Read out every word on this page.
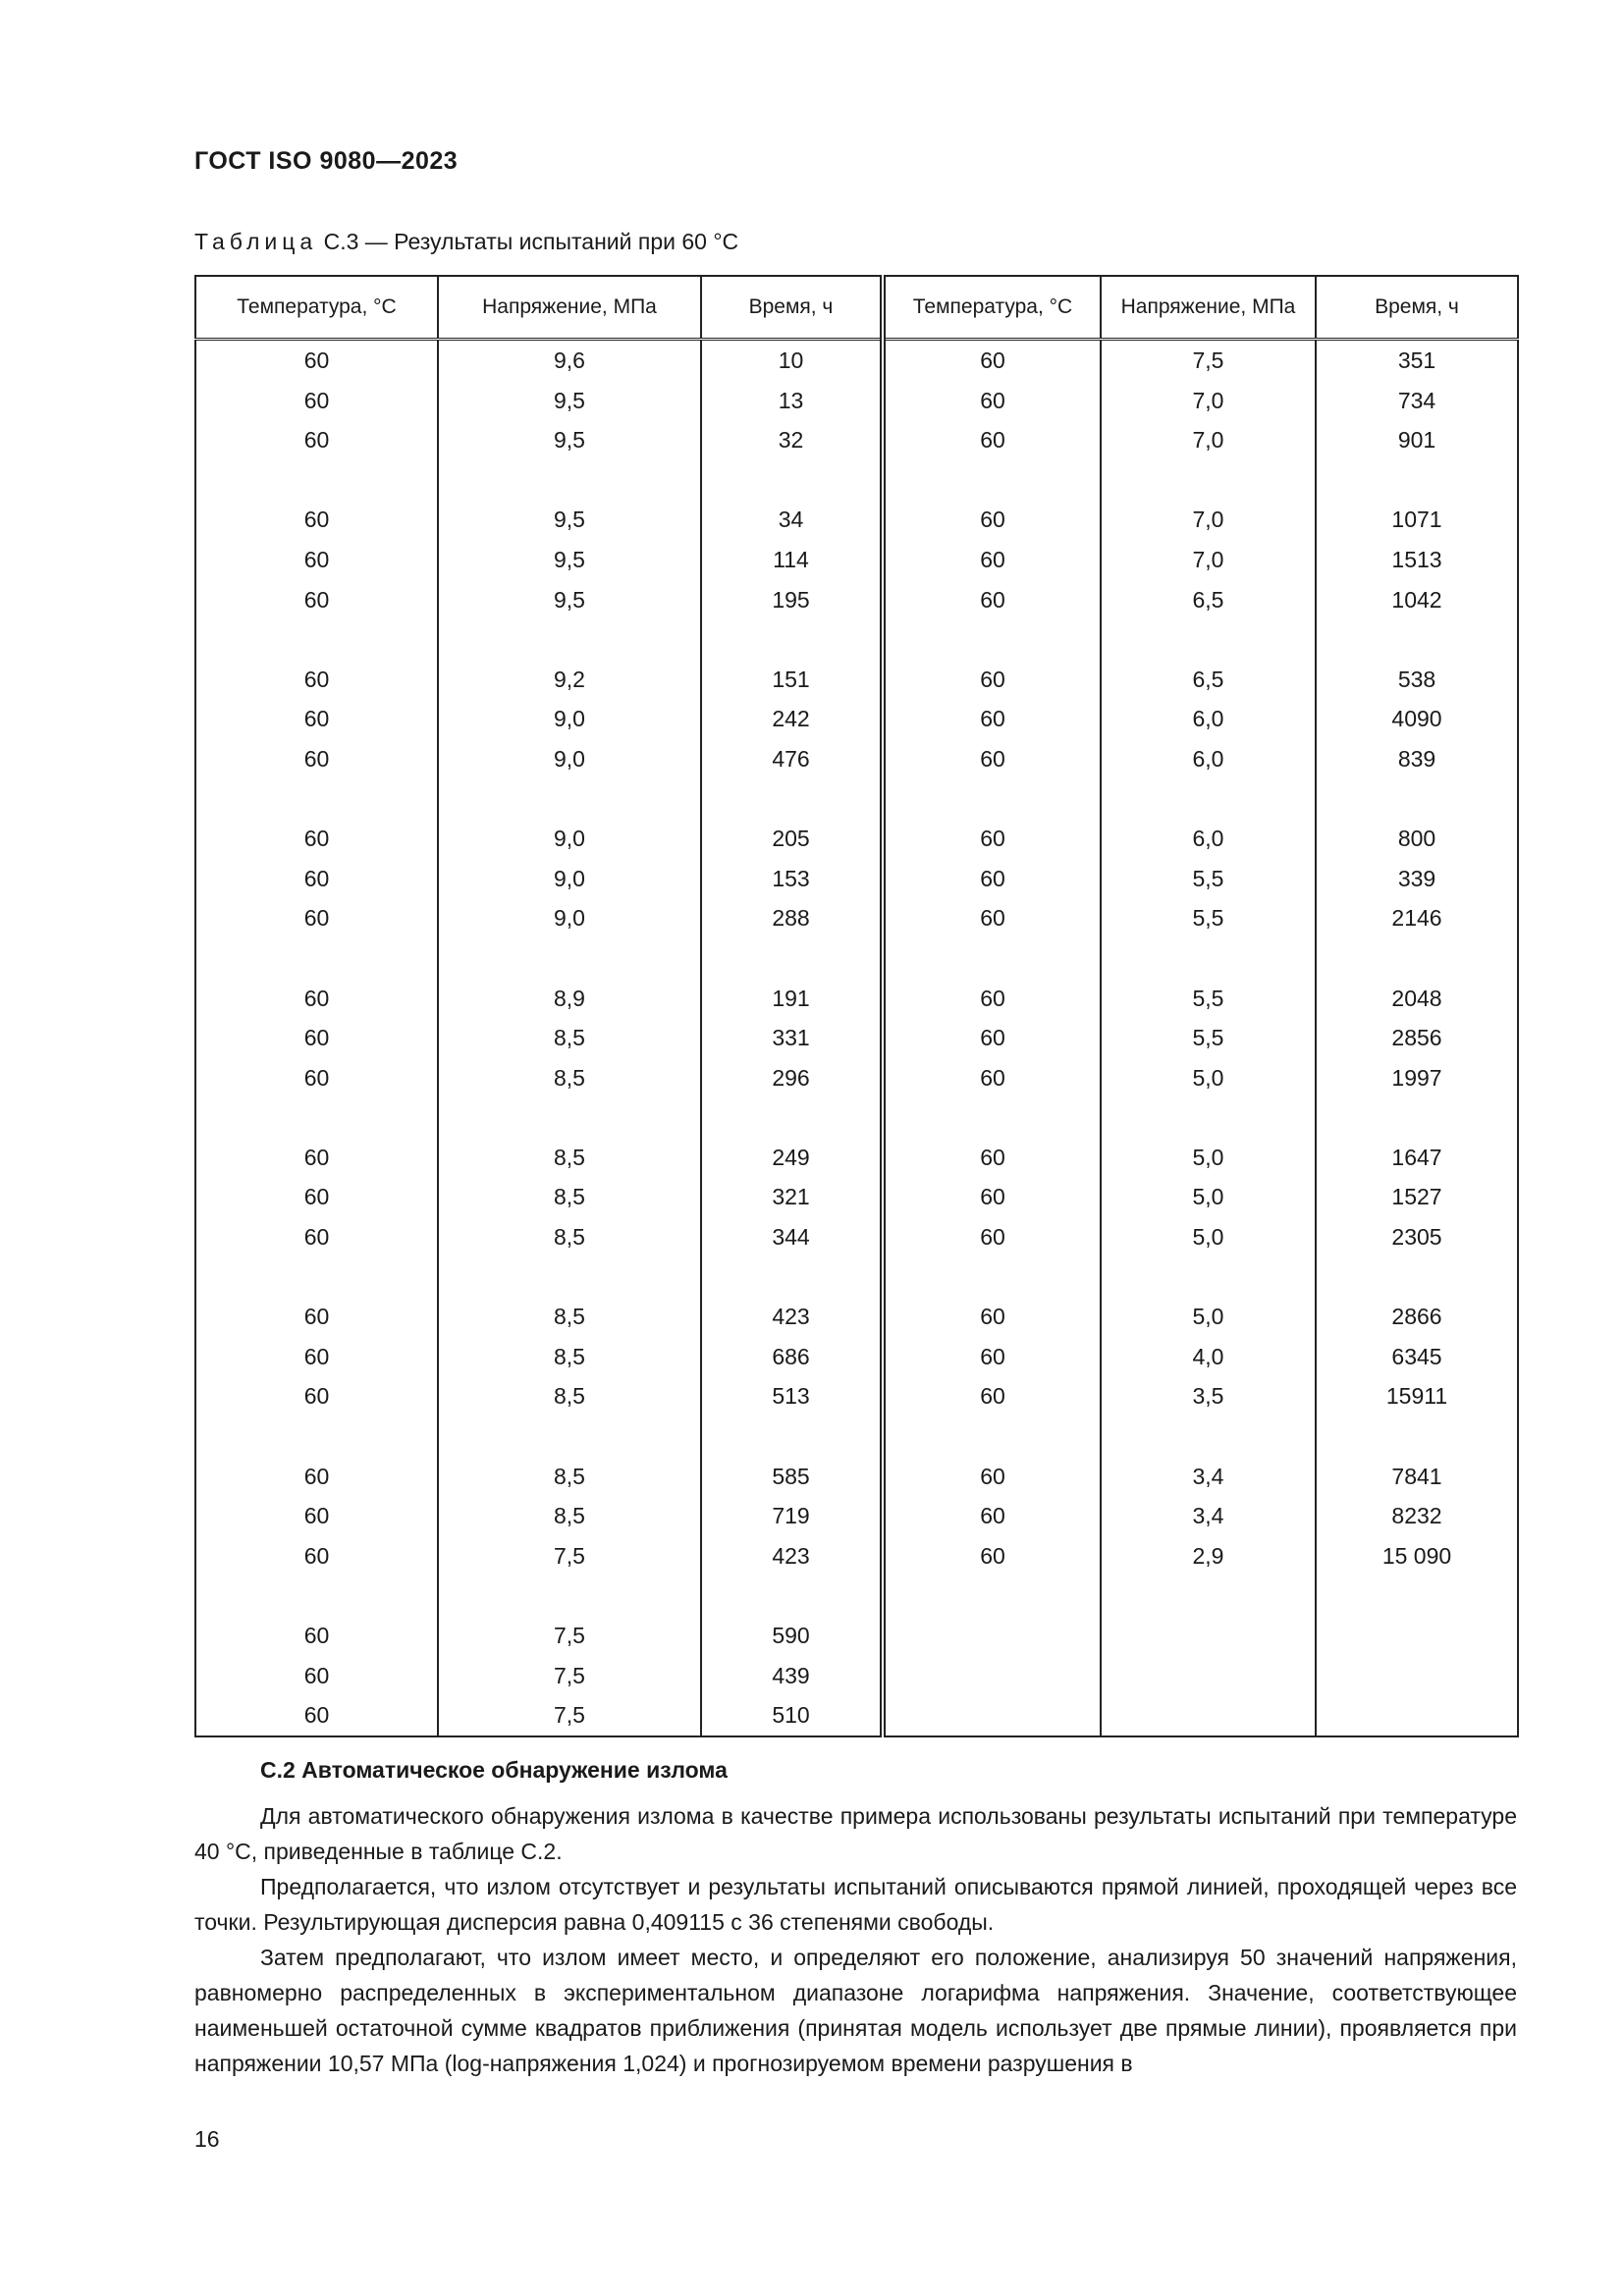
ГОСТ ISO 9080—2023
Таблица C.3 — Результаты испытаний при 60 °C
Температура, °C	Напряжение, МПа	Время, ч	Температура, °C	Напряжение, МПа	Время, ч
60	9,6	10	60	7,5	351
60	9,5	13	60	7,0	734
60	9,5	32	60	7,0	901

60	9,5	34	60	7,0	1071
60	9,5	114	60	7,0	1513
60	9,5	195	60	6,5	1042

60	9,2	151	60	6,5	538
60	9,0	242	60	6,0	4090
60	9,0	476	60	6,0	839

60	9,0	205	60	6,0	800
60	9,0	153	60	5,5	339
60	9,0	288	60	5,5	2146

60	8,9	191	60	5,5	2048
60	8,5	331	60	5,5	2856
60	8,5	296	60	5,0	1997

60	8,5	249	60	5,0	1647
60	8,5	321	60	5,0	1527
60	8,5	344	60	5,0	2305

60	8,5	423	60	5,0	2866
60	8,5	686	60	4,0	6345
60	8,5	513	60	3,5	15911

60	8,5	585	60	3,4	7841
60	8,5	719	60	3,4	8232
60	7,5	423	60	2,9	15 090

60	7,5	590			
60	7,5	439			
60	7,5	510			
C.2 Автоматическое обнаружение излома
Для автоматического обнаружения излома в качестве примера использованы результаты испытаний при температуре 40 °C, приведенные в таблице C.2.
Предполагается, что излом отсутствует и результаты испытаний описываются прямой линией, проходящей через все точки. Результирующая дисперсия равна 0,409115 с 36 степенями свободы.
Затем предполагают, что излом имеет место, и определяют его положение, анализируя 50 значений напряжения, равномерно распределенных в экспериментальном диапазоне логарифма напряжения. Значение, соответствующее наименьшей остаточной сумме квадратов приближения (принятая модель использует две прямые линии), проявляется при напряжении 10,57 МПа (log-напряжения 1,024) и прогнозируемом времени разрушения в
16
